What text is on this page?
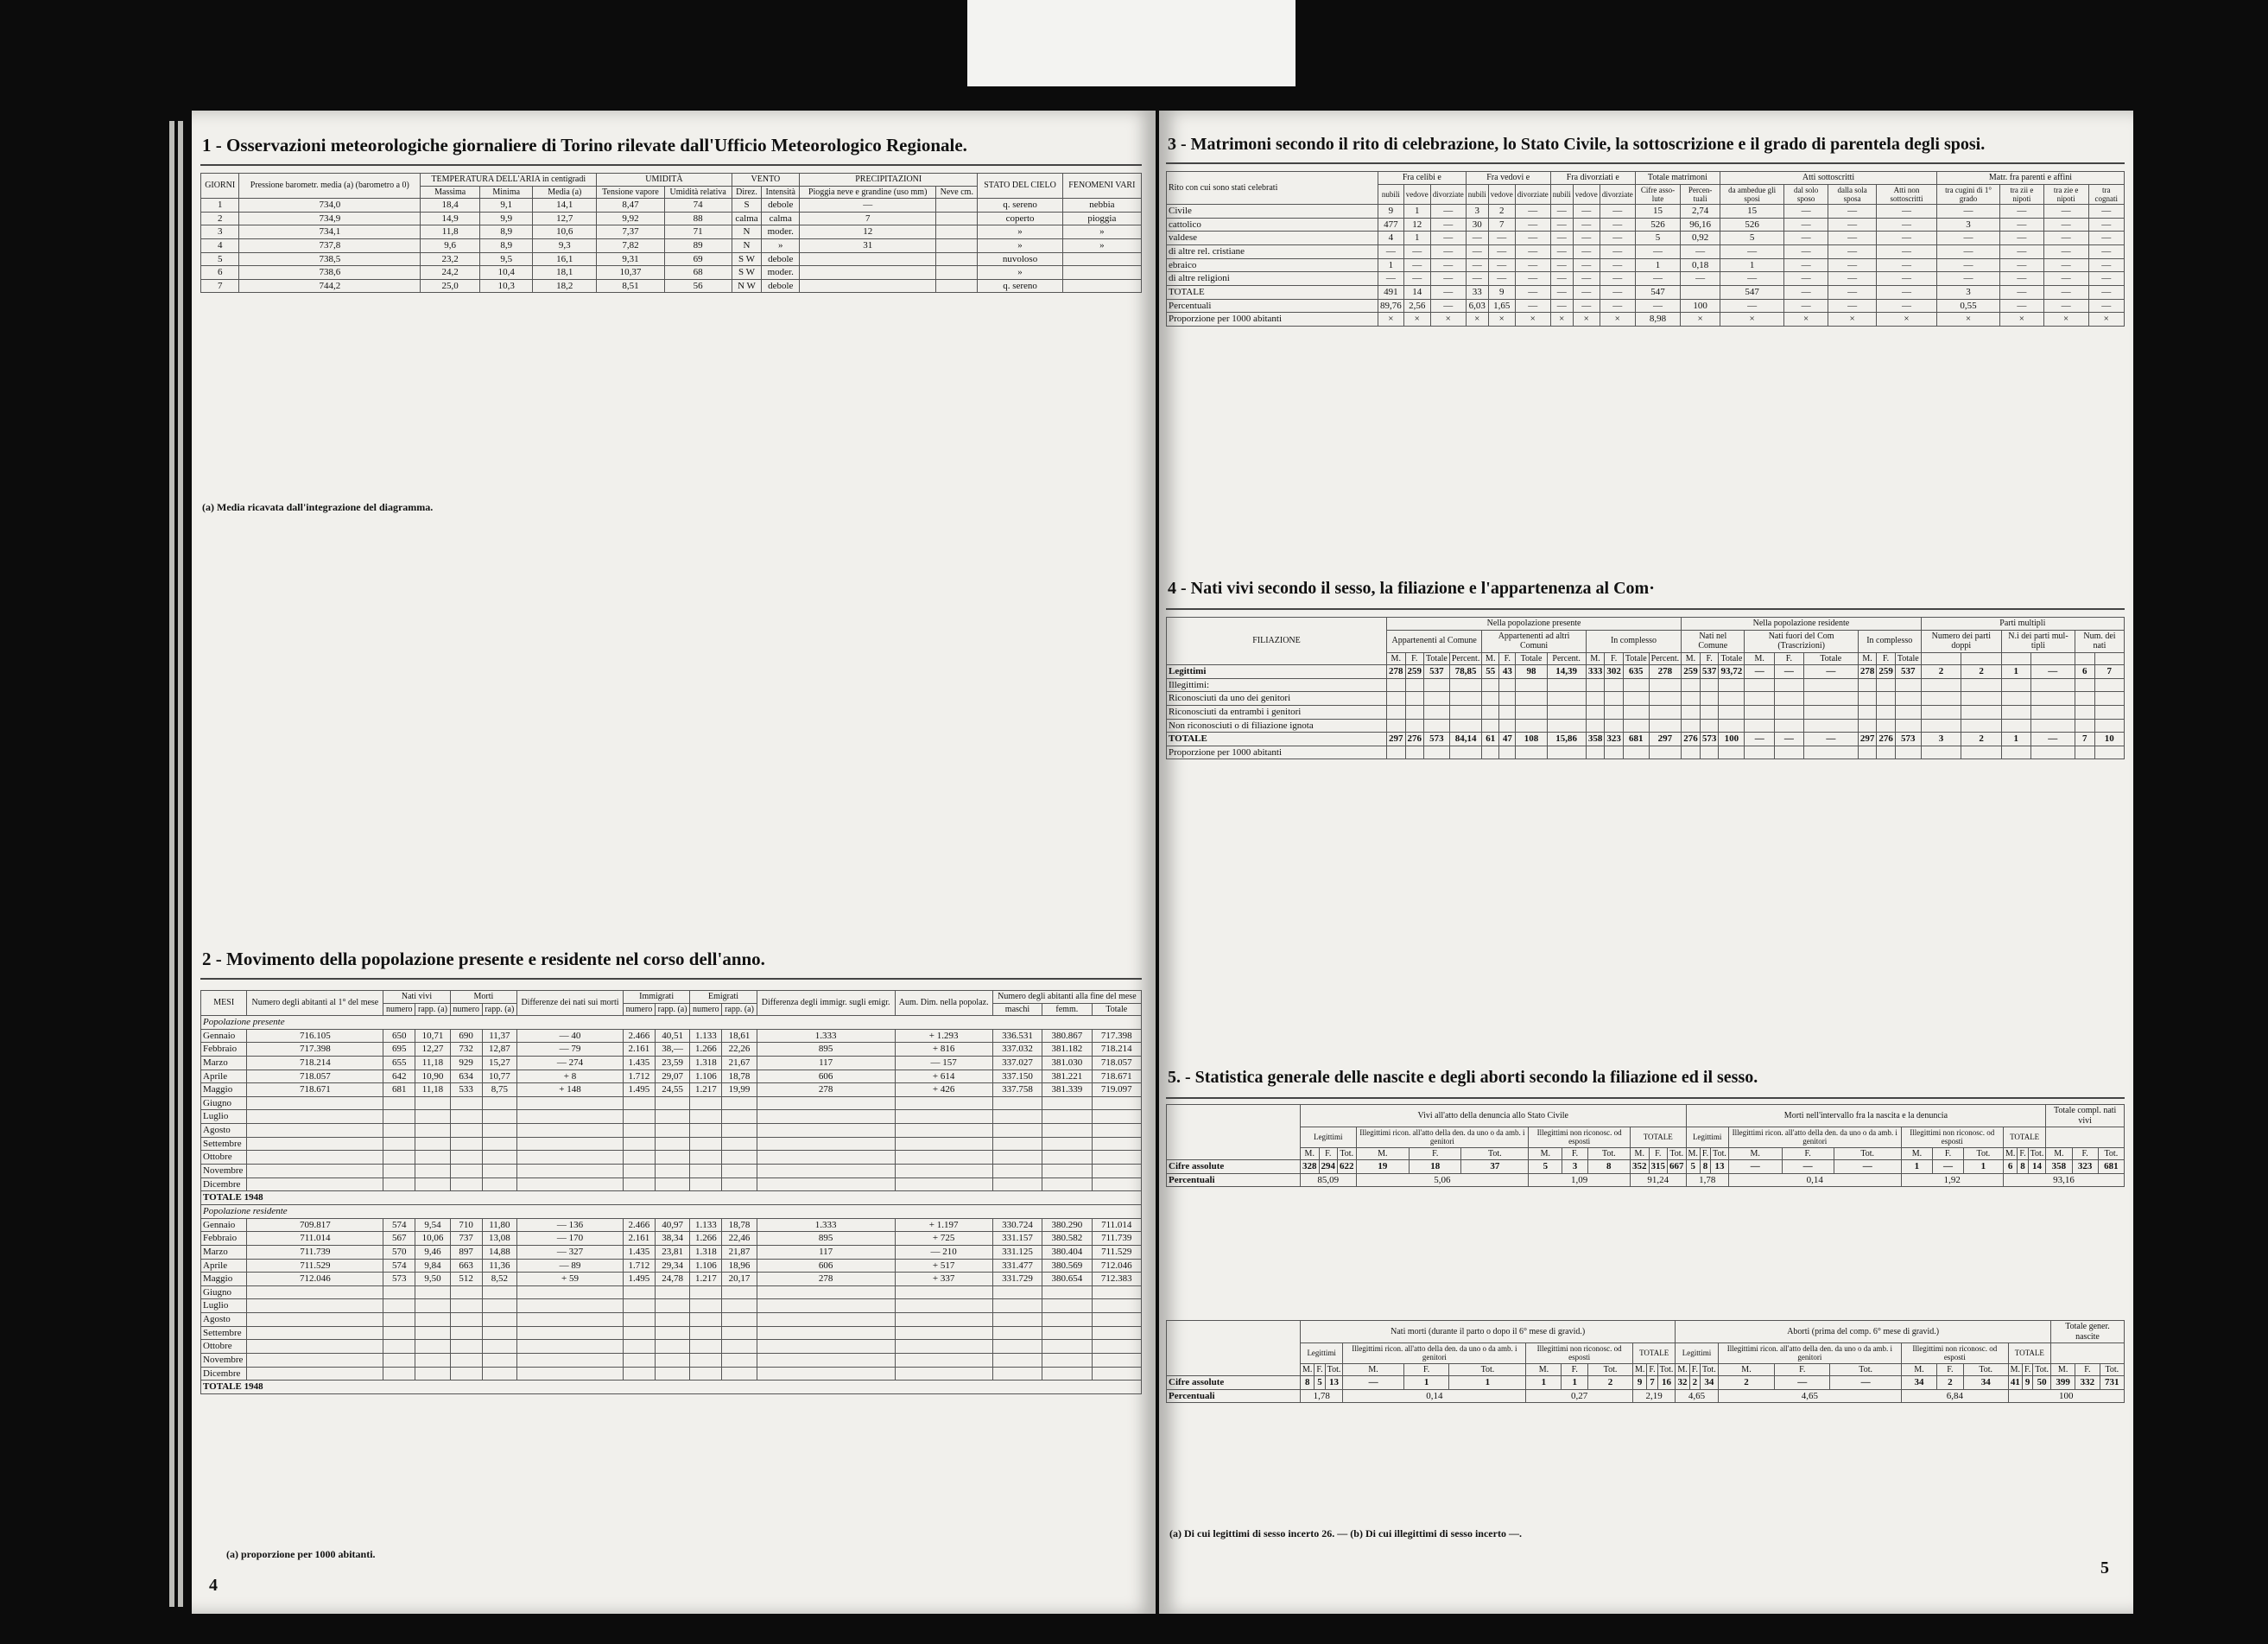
1 - Osservazioni meteorologiche giornaliere di Torino rilevate dall'Ufficio Meteorologico Regionale.
GIORNI	Pressione barometr. media (a) (barometro a 0)	TEMPERATURA DELL'ARIA in centigradi			UMIDITÀ		VENTO		PRECIPITAZIONI		STATO DEL CIELO	FENOMENI VARI
		Massima	Minima	Media (a)	Tensione vapore	Umidità relativa	Direz.	Intensità	Pioggia neve e grandine (uso mm)	Neve cm.		
1	734,0	18,4	9,1	14,1	8,47	74	S	debole	—		q. sereno	nebbia
2	734,9	14,9	9,9	12,7	9,92	88	calma	calma	7		coperto	pioggia
3	734,1	11,8	8,9	10,6	7,37	71	N	moder.	12		»	»
4	737,8	9,6	8,9	9,3	7,82	89	N	»	31		»	»
5	738,5	23,2	9,5	16,1	9,31	69	S W	debole			nuvoloso	
6	738,6	24,2	10,4	18,1	10,37	68	S W	moder.			»	
7	744,2	25,0	10,3	18,2	8,51	56	N W	debole			q. sereno	
(a) Media ricavata dall'integrazione del diagramma.
2 - Movimento della popolazione presente e residente nel corso dell'anno.
MESI	Numero degli abitanti al 1° del mese	Nati vivi		Morti		Differenze dei nati sui morti	Immigrati		Emigrati		Differenza degli immigr. sugli emigr.	Aum. Dim. nella popolaz.	Numero degli abitanti alla fine del mese		
		numero	rapp. (a)	numero	rapp. (a)		numero	rapp. (a)	numero	rapp. (a)			maschi	femm.	Totale
Popolazione presente															
Gennaio	716.105	650	10,71	690	11,37	— 40	2.466	40,51	1.133	18,61	1.333	+ 1.293	336.531	380.867	717.398
Febbraio	717.398	695	12,27	732	12,87	— 79	2.161	38,—	1.266	22,26	895	+ 816	337.032	381.182	718.214
Marzo	718.214	655	11,18	929	15,27	— 274	1.435	23,59	1.318	21,67	117	— 157	337.027	381.030	718.057
Aprile	718.057	642	10,90	634	10,77	+ 8	1.712	29,07	1.106	18,78	606	+ 614	337.150	381.221	718.671
Maggio	718.671	681	11,18	533	8,75	+ 148	1.495	24,55	1.217	19,99	278	+ 426	337.758	381.339	719.097
Giugno															
Luglio															
Agosto															
Settembre															
Ottobre															
Novembre															
Dicembre															
TOTALE 1948															
Popolazione residente															
Gennaio	709.817	574	9,54	710	11,80	— 136	2.466	40,97	1.133	18,78	1.333	+ 1.197	330.724	380.290	711.014
Febbraio	711.014	567	10,06	737	13,08	— 170	2.161	38,34	1.266	22,46	895	+ 725	331.157	380.582	711.739
Marzo	711.739	570	9,46	897	14,88	— 327	1.435	23,81	1.318	21,87	117	— 210	331.125	380.404	711.529
Aprile	711.529	574	9,84	663	11,36	— 89	1.712	29,34	1.106	18,96	606	+ 517	331.477	380.569	712.046
Maggio	712.046	573	9,50	512	8,52	+ 59	1.495	24,78	1.217	20,17	278	+ 337	331.729	380.654	712.383
Giugno															
Luglio															
Agosto															
Settembre															
Ottobre															
Novembre															
Dicembre															
TOTALE 1948															
(a) proporzione per 1000 abitanti.
4
3 - Matrimoni secondo il rito di celebrazione, lo Stato Civile, la sottoscrizione e il grado di parentela degli sposi.
Rito con cui sono stati celebrati	Fra celibi e			Fra vedovi e			Fra divorziati e			Totale matrimoni		Atti sottoscritti				Matr. fra parenti e affini			
	nubili	vedove	divorziate	nubili	vedove	divorziate	nubili	vedove	divorziate	Cifre asso-lute	Percen-tuali	da ambedue gli sposi	dal solo sposo	dalla sola sposa	Atti non sottoscritti	tra cugini di 1° grado	tra zii e nipoti	tra zie e nipoti	tra cognati
Civile	9	1	—	3	2	—	—	—	—	15	2,74	15	—	—	—	—	—	—	—
cattolico	477	12	—	30	7	—	—	—	—	526	96,16	526	—	—	—	3	—	—	—
valdese	4	1	—	—	—	—	—	—	—	5	0,92	5	—	—	—	—	—	—	—
di altre rel. cristiane	—	—	—	—	—	—	—	—	—	—	—	—	—	—	—	—	—	—	—
ebraico	1	—	—	—	—	—	—	—	—	1	0,18	1	—	—	—	—	—	—	—
di altre religioni	—	—	—	—	—	—	—	—	—	—	—	—	—	—	—	—	—	—	—
TOTALE	491	14	—	33	9	—	—	—	—	547		547	—	—	—	3	—	—	—
Percentuali	89,76	2,56	—	6,03	1,65	—	—	—	—	—	100	—	—	—	—	0,55	—	—	—
Proporzione per 1000 abitanti	×	×	×	×	×	×	×	×	×	8,98	×	×	×	×	×	×	×	×	×
4 - Nati vivi secondo il sesso, la filiazione e l'appartenenza al Com·
FILIAZIONE	Nella popolazione presente												Nella popolazione residente									Parti multipli					
	Appartenenti al Comune				Appartenenti ad altri Comuni				In complesso				Nati nel Comune			Nati fuori del Com (Trascrizioni)			In complesso			Numero dei parti doppi		N.i dei parti mul-tipli		Num. dei nati	
	M.	F.	Totale	Percent.	M.	F.	Totale	Percent.	M.	F.	Totale	Percent.	M.	F.	Totale	M.	F.	Totale	M.	F.	Totale						
Legittimi	278	259	537	78,85	55	43	98	14,39	333	302	635	278	259	537	93,72	—	—	—	278	259	537	2	2	1	—	6	7
Illegittimi:																											
Riconosciuti da uno dei genitori																											
Riconosciuti da entrambi i genitori																											
Non riconosciuti o di filiazione ignota																											
TOTALE	297	276	573	84,14	61	47	108	15,86	358	323	681	297	276	573	100	—	—	—	297	276	573	3	2	1	—	7	10
Proporzione per 1000 abitanti																											
5. - Statistica generale delle nascite e degli aborti secondo la filiazione ed il sesso.
	Vivi all'atto della denuncia allo Stato Civile												Morti nell'intervallo fra la nascita e la denuncia												Totale compl. nati vivi		
	Legittimi			Illegittimi ricon. all'atto della den. da uno o da amb. i genitori			Illegittimi non riconosc. od esposti			TOTALE			Legittimi			Illegittimi ricon. all'atto della den. da uno o da amb. i genitori			Illegittimi non riconosc. od esposti			TOTALE					
	M.	F.	Tot.	M.	F.	Tot.	M.	F.	Tot.	M.	F.	Tot.	M.	F.	Tot.	M.	F.	Tot.	M.	F.	Tot.	M.	F.	Tot.	M.	F.	Tot.
Cifre assolute	328	294	622	19	18	37	5	3	8	352	315	667	5	8	13	—	—	—	1	—	1	6	8	14	358	323	681
Percentuali	85,09			5,06			1,09			91,24			1,78			0,14			1,92			93,16					
	Nati morti (durante il parto o dopo il 6° mese di gravid.)												Aborti (prima del comp. 6° mese di gravid.)												Totale gener. nascite		
	Legittimi			Illegittimi ricon. all'atto della den. da uno o da amb. i genitori			Illegittimi non riconosc. od esposti			TOTALE			Legittimi			Illegittimi ricon. all'atto della den. da uno o da amb. i genitori			Illegittimi non riconosc. od esposti			TOTALE					
	M.	F.	Tot.	M.	F.	Tot.	M.	F.	Tot.	M.	F.	Tot.	M.	F.	Tot.	M.	F.	Tot.	M.	F.	Tot.	M.	F.	Tot.	M.	F.	Tot.
Cifre assolute	8	5	13	—	1	1	1	1	2	9	7	16	32	2	34	2	—	—	34	2	34	41	9	50	399	332	731
Percentuali	1,78			0,14			0,27			2,19			4,65			4,65			6,84			100					
(a) Di cui legittimi di sesso incerto 26. — (b) Di cui illegittimi di sesso incerto —.
5
